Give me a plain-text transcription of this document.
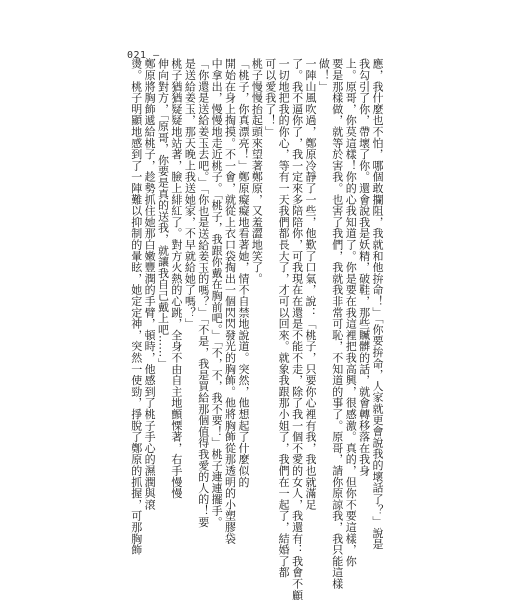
021 —
應，我什麼也不怕，哪個敢攔阻，我就和他拚命！」「你要拚命，人家就更會說我的壞話了？」說是
我勾引了你，帶壞了你。還會說我是妖精，破鞋，那些贓髒的話，就會轉移落在我身
上。原哥，你莫這樣！你的心我知道了。你是要在我這裡把我高興，很感激。真的，但你不要這樣，你
要是那樣做，就等於害我。也害了我們，我就我非常可恥，不知道的事了。原哥，請你原諒我，我只能這樣
做！」
一陣山風吹過，鄭原冷靜了一些，他歎了口氣，說：「桃子，只要你心裡有我，我也就滿足
了。我不逼你了，我一定來多陪陪你，可我現在在還是不能不走，除了我一個不愛的女人，我還有：我會不顧
一切地把我的你心，等有一天我們都長大了，才可以回來。就象我跟那小姐了，我們在一起了，結婚了都
可以愛我了！」
桃子慢慢抬起頭來望著鄭原，又羞澀地笑了。
「桃子，你真漂亮！」鄭原癡癡地看著她，情不自禁地說道。突然，他想起了什麼似的
開始在身上掏摸。不一會，就從上衣口袋掏出一個閃閃發光的胸飾。他將胸飾從那透明的小塑膠袋
中拿出，慢慢地走近桃子。「桃子，我跟你戴在胸前吧。」「不，不，我不要！」桃子連連擺手。
「你還是送給姜玉去吧。」「你也是送給姜玉的嗎？」「不是，我是買給那個值得我愛的人的！要
是送給姜玉，那天晚上我送她家，不早就給她了嗎？」
桃子猶猶疑疑地站著，臉上緋紅了。對方火熱的心跳，全身不由自主地顫慄著，右手慢慢
伸向對方，「原哥，你要是真的送我，就讓我自己戴上吧……」
鄭原將胸飾遞給桃子，趁勢抓住她那白嫩豐潤的手臂，頓時，他感到了桃子手心的濕潤與滾
燙。桃子明顯地感到了一陣難以抑制的暈眩，她定定神，突然一使勁，掙脫了鄭原的抓握，可那胸飾
